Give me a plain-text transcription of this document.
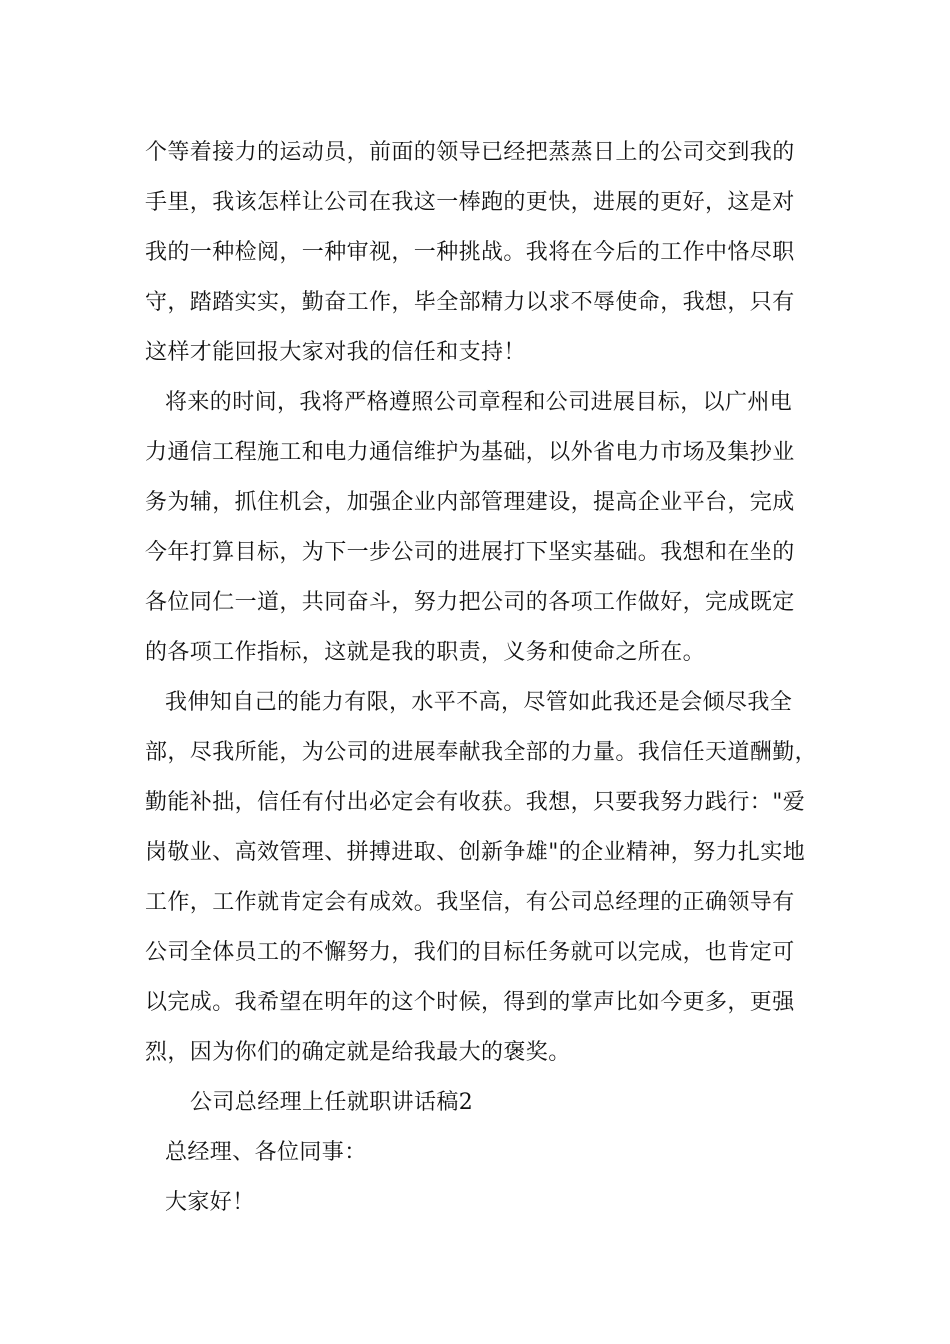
个等着接力的运动员，前面的领导已经把蒸蒸日上的公司交到我的
手里，我该怎样让公司在我这一棒跑的更快，进展的更好，这是对
我的一种检阅，一种审视，一种挑战。我将在今后的工作中恪尽职
守，踏踏实实，勤奋工作，毕全部精力以求不辱使命，我想，只有
这样才能回报大家对我的信任和支持！
将来的时间，我将严格遵照公司章程和公司进展目标，以广州电
力通信工程施工和电力通信维护为基础，以外省电力市场及集抄业
务为辅，抓住机会，加强企业内部管理建设，提高企业平台，完成
今年打算目标，为下一步公司的进展打下坚实基础。我想和在坐的
各位同仁一道，共同奋斗，努力把公司的各项工作做好，完成既定
的各项工作指标，这就是我的职责，义务和使命之所在。
我伸知自己的能力有限，水平不高，尽管如此我还是会倾尽我全
部，尽我所能，为公司的进展奉献我全部的力量。我信任天道酬勤，
勤能补拙，信任有付出必定会有收获。我想，只要我努力践行："爱
岗敬业、高效管理、拼搏进取、创新争雄"的企业精神，努力扎实地
工作，工作就肯定会有成效。我坚信，有公司总经理的正确领导有
公司全体员工的不懈努力，我们的目标任务就可以完成，也肯定可
以完成。我希望在明年的这个时候，得到的掌声比如今更多，更强
烈，因为你们的确定就是给我最大的褒奖。
公司总经理上任就职讲话稿2
总经理、各位同事：
大家好！
